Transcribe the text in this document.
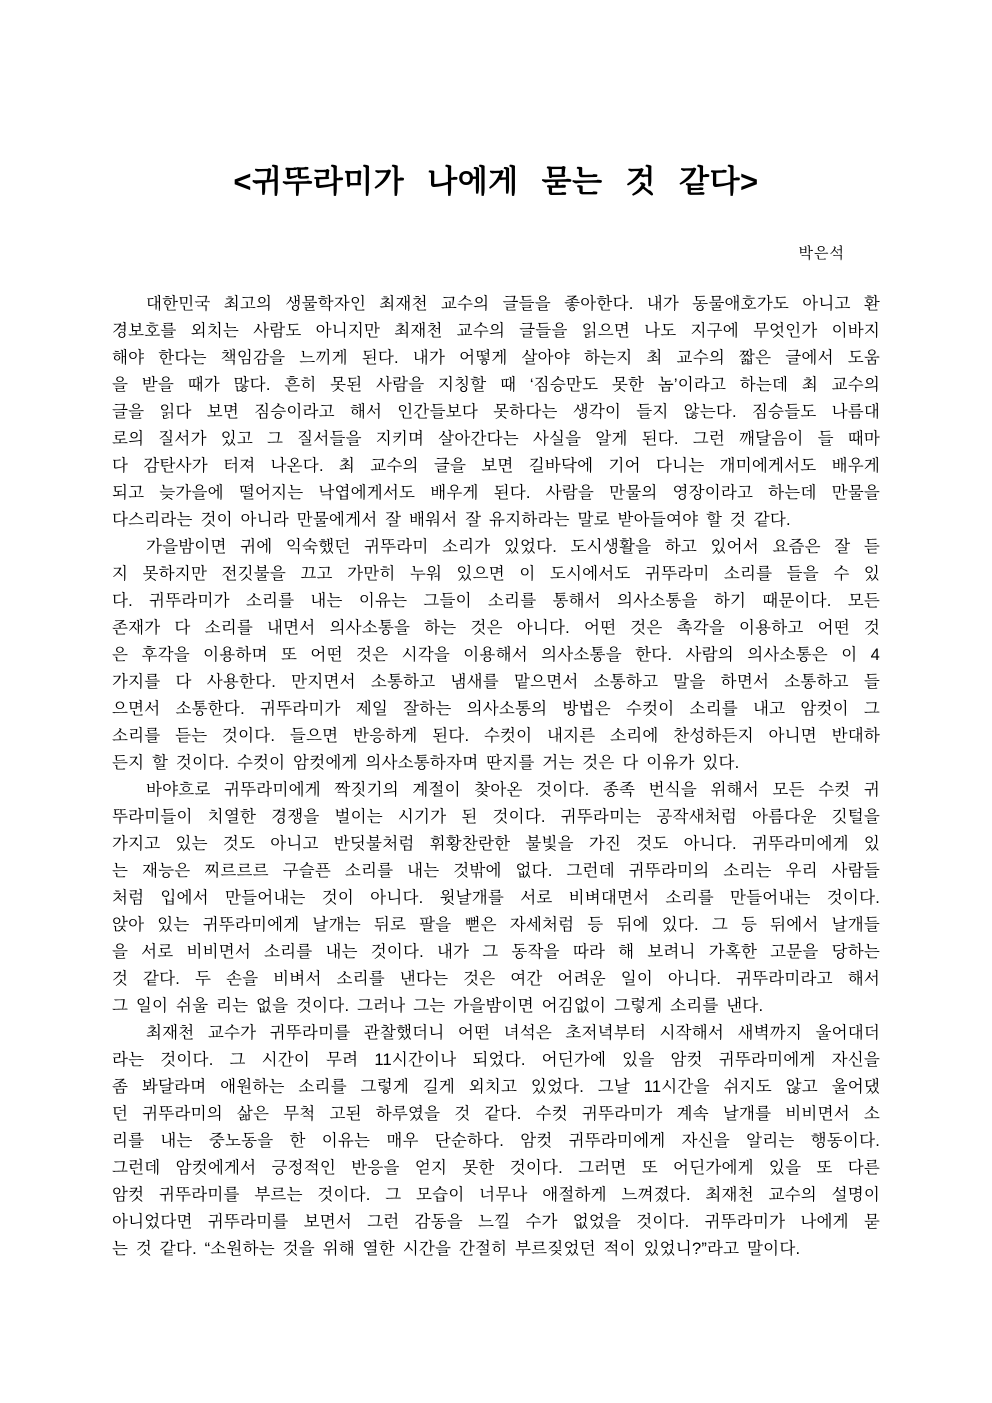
<귀뚜라미가 나에게 묻는 것 같다>
박은석
대한민국 최고의 생물학자인 최재천 교수의 글들을 좋아한다. 내가 동물애호가도 아니고 환
경보호를 외치는 사람도 아니지만 최재천 교수의 글들을 읽으면 나도 지구에 무엇인가 이바지
해야 한다는 책임감을 느끼게 된다. 내가 어떻게 살아야 하는지 최 교수의 짧은 글에서 도움
을 받을 때가 많다. 흔히 못된 사람을 지칭할 때 ‘짐승만도 못한 놈’이라고 하는데 최 교수의
글을 읽다 보면 짐승이라고 해서 인간들보다 못하다는 생각이 들지 않는다. 짐승들도 나름대
로의 질서가 있고 그 질서들을 지키며 살아간다는 사실을 알게 된다. 그런 깨달음이 들 때마
다 감탄사가 터져 나온다. 최 교수의 글을 보면 길바닥에 기어 다니는 개미에게서도 배우게
되고 늦가을에 떨어지는 낙엽에게서도 배우게 된다. 사람을 만물의 영장이라고 하는데 만물을
다스리라는 것이 아니라 만물에게서 잘 배워서 잘 유지하라는 말로 받아들여야 할 것 같다.
가을밤이면 귀에 익숙했던 귀뚜라미 소리가 있었다. 도시생활을 하고 있어서 요즘은 잘 듣
지 못하지만 전깃불을 끄고 가만히 누워 있으면 이 도시에서도 귀뚜라미 소리를 들을 수 있
다. 귀뚜라미가 소리를 내는 이유는 그들이 소리를 통해서 의사소통을 하기 때문이다. 모든
존재가 다 소리를 내면서 의사소통을 하는 것은 아니다. 어떤 것은 촉각을 이용하고 어떤 것
은 후각을 이용하며 또 어떤 것은 시각을 이용해서 의사소통을 한다. 사람의 의사소통은 이 4
가지를 다 사용한다. 만지면서 소통하고 냄새를 맡으면서 소통하고 말을 하면서 소통하고 들
으면서 소통한다. 귀뚜라미가 제일 잘하는 의사소통의 방법은 수컷이 소리를 내고 암컷이 그
소리를 듣는 것이다. 들으면 반응하게 된다. 수컷이 내지른 소리에 찬성하든지 아니면 반대하
든지 할 것이다. 수컷이 암컷에게 의사소통하자며 딴지를 거는 것은 다 이유가 있다.
바야흐로 귀뚜라미에게 짝짓기의 계절이 찾아온 것이다. 종족 번식을 위해서 모든 수컷 귀
뚜라미들이 치열한 경쟁을 벌이는 시기가 된 것이다. 귀뚜라미는 공작새처럼 아름다운 깃털을
가지고 있는 것도 아니고 반딧불처럼 휘황찬란한 불빛을 가진 것도 아니다. 귀뚜라미에게 있
는 재능은 찌르르르 구슬픈 소리를 내는 것밖에 없다. 그런데 귀뚜라미의 소리는 우리 사람들
처럼 입에서 만들어내는 것이 아니다. 윗날개를 서로 비벼대면서 소리를 만들어내는 것이다.
앉아 있는 귀뚜라미에게 날개는 뒤로 팔을 뻗은 자세처럼 등 뒤에 있다. 그 등 뒤에서 날개들
을 서로 비비면서 소리를 내는 것이다. 내가 그 동작을 따라 해 보려니 가혹한 고문을 당하는
것 같다. 두 손을 비벼서 소리를 낸다는 것은 여간 어려운 일이 아니다. 귀뚜라미라고 해서
그 일이 쉬울 리는 없을 것이다. 그러나 그는 가을밤이면 어김없이 그렇게 소리를 낸다.
최재천 교수가 귀뚜라미를 관찰했더니 어떤 녀석은 초저녁부터 시작해서 새벽까지 울어대더
라는 것이다. 그 시간이 무려 11시간이나 되었다. 어딘가에 있을 암컷 귀뚜라미에게 자신을
좀 봐달라며 애원하는 소리를 그렇게 길게 외치고 있었다. 그날 11시간을 쉬지도 않고 울어댔
던 귀뚜라미의 삶은 무척 고된 하루였을 것 같다. 수컷 귀뚜라미가 계속 날개를 비비면서 소
리를 내는 중노동을 한 이유는 매우 단순하다. 암컷 귀뚜라미에게 자신을 알리는 행동이다.
그런데 암컷에게서 긍정적인 반응을 얻지 못한 것이다. 그러면 또 어딘가에게 있을 또 다른
암컷 귀뚜라미를 부르는 것이다. 그 모습이 너무나 애절하게 느껴졌다. 최재천 교수의 설명이
아니었다면 귀뚜라미를 보면서 그런 감동을 느낄 수가 없었을 것이다. 귀뚜라미가 나에게 묻
는 것 같다. “소원하는 것을 위해 열한 시간을 간절히 부르짖었던 적이 있었니?”라고 말이다.
